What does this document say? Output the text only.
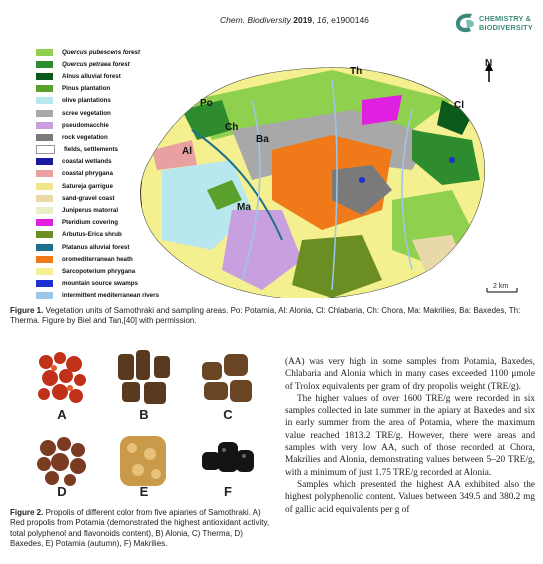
Chem. Biodiversity 2019, 16, e1900146	CHEMISTRY &
BIODIVERSITY
Quercus pubescens forest
Quercus petraea forest
Alnus alluvial forest
Pinus plantation
olive plantations
scree vegetation
pseudomacchie
rock vegetation
fields, settlements
coastal wetlands
coastal phrygana
Satureja garrigue
sand-gravel coast
Juniperus matorral
Pteridium covering
Arbutus-Erica shrub
Platanus alluvial forest
oromediterranean heath
Sarcopoterium phrygana
mountain source swamps
intermittent mediterranean rivers
Th
Po	Cl
Ch
Ba
Al
Ma
N
2 km
Figure 1. Vegetation units of Samothraki and sampling areas. Po: Potamia, Al: Alonia, Cl: Chlabaria, Ch: Chora, Ma: Makrilies, Ba: Baxedes, Th: Therma. Figure by Biel and Tan,[40] with permission.
A	B	C
D	E	F
Figure 2. Propolis of different color from five apiaries of Samothraki. A) Red propolis from Potamia (demonstrated the highest antioxidant activity, total polyphenol and flavonoids content), B) Alonia, C) Therma, D) Baxedes, E) Potamia (autumn), F) Makrilies.

(AA) was very high in some samples from Potamia, Baxedes, Chlabaria and Alonia which in many cases exceeded 1100 μmole of Trolox equivalents per gram of dry propolis weight (TRE/g).

The higher values of over 1600 TRE/g were recorded in six samples collected in late summer in the apiary at Baxedes and six in early summer from the area of Potamia, where the maximum value reached 1813.2 TRE/g. However, there were areas and samples with very low AA, such of those recorded at Chora, Makrilies and Alonia, demonstrating values between 5–20 TRE/g, with a minimum of just 1.75 TRE/g recorded at Alonia.

Samples which presented the highest AA exhibited also the highest polyphenolic content. Values between 349.5 and 380.2 mg of gallic acid equivalents per g of
